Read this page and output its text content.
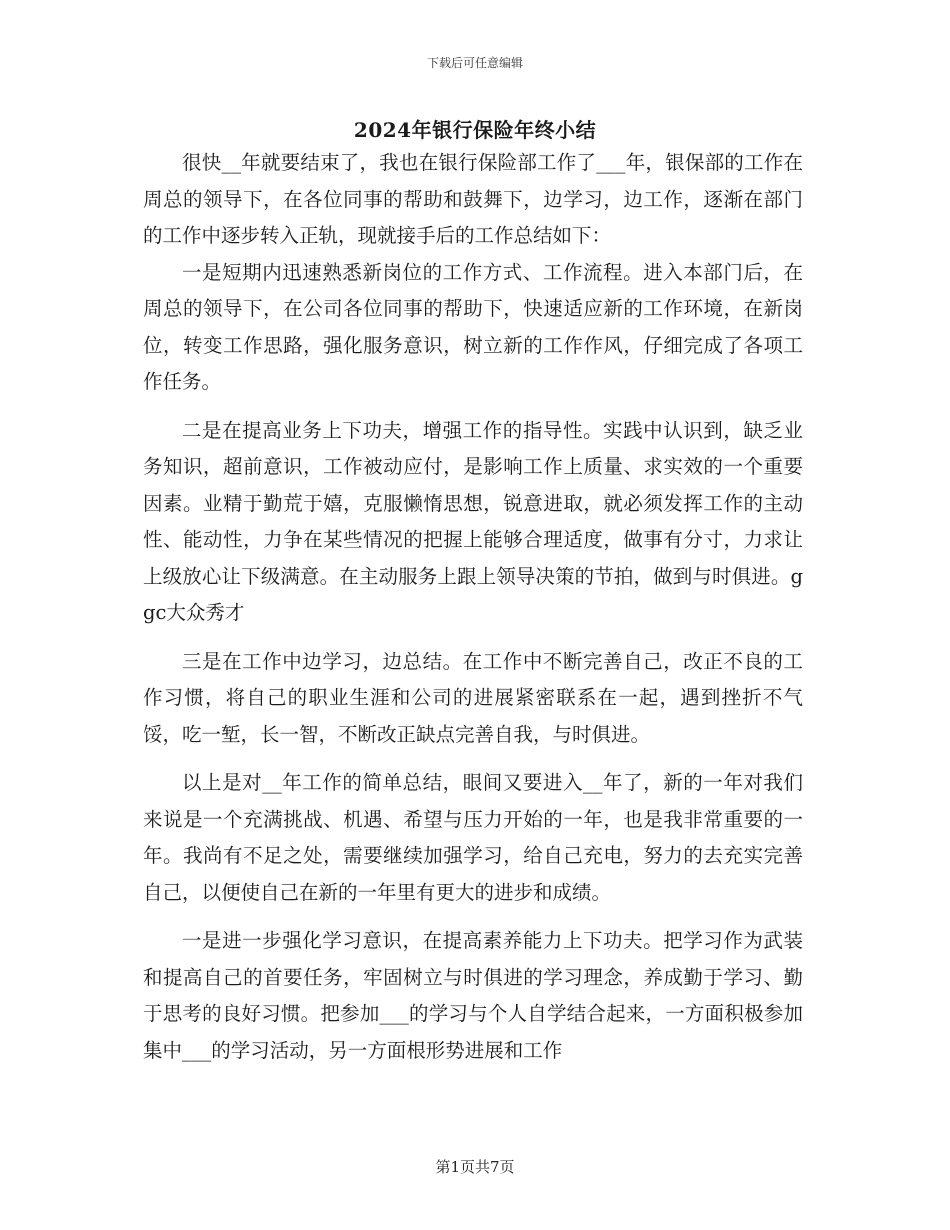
下载后可任意编辑
2024年银行保险年终小结

很快__年就要结束了，我也在银行保险部工作了___年，银保部的工作在周总的领导下，在各位同事的帮助和鼓舞下，边学习，边工作，逐渐在部门的工作中逐步转入正轨，现就接手后的工作总结如下：

一是短期内迅速熟悉新岗位的工作方式、工作流程。进入本部门后，在周总的领导下，在公司各位同事的帮助下，快速适应新的工作环境，在新岗位，转变工作思路，强化服务意识，树立新的工作作风，仔细完成了各项工作任务。

二是在提高业务上下功夫，增强工作的指导性。实践中认识到，缺乏业务知识，超前意识，工作被动应付，是影响工作上质量、求实效的一个重要因素。业精于勤荒于嬉，克服懒惰思想，锐意进取，就必须发挥工作的主动性、能动性，力争在某些情况的把握上能够合理适度，做事有分寸，力求让上级放心让下级满意。在主动服务上跟上领导决策的节拍，做到与时俱进。ggc大众秀才

三是在工作中边学习，边总结。在工作中不断完善自己，改正不良的工作习惯，将自己的职业生涯和公司的进展紧密联系在一起，遇到挫折不气馁，吃一堑，长一智，不断改正缺点完善自我，与时俱进。

以上是对__年工作的简单总结，眼间又要进入__年了，新的一年对我们来说是一个充满挑战、机遇、希望与压力开始的一年，也是我非常重要的一年。我尚有不足之处，需要继续加强学习，给自己充电，努力的去充实完善自己，以便使自己在新的一年里有更大的进步和成绩。

一是进一步强化学习意识，在提高素养能力上下功夫。把学习作为武装和提高自己的首要任务，牢固树立与时俱进的学习理念，养成勤于学习、勤于思考的良好习惯。把参加___的学习与个人自学结合起来，一方面积极参加集中___的学习活动，另一方面根形势进展和工作

第1页共7页
